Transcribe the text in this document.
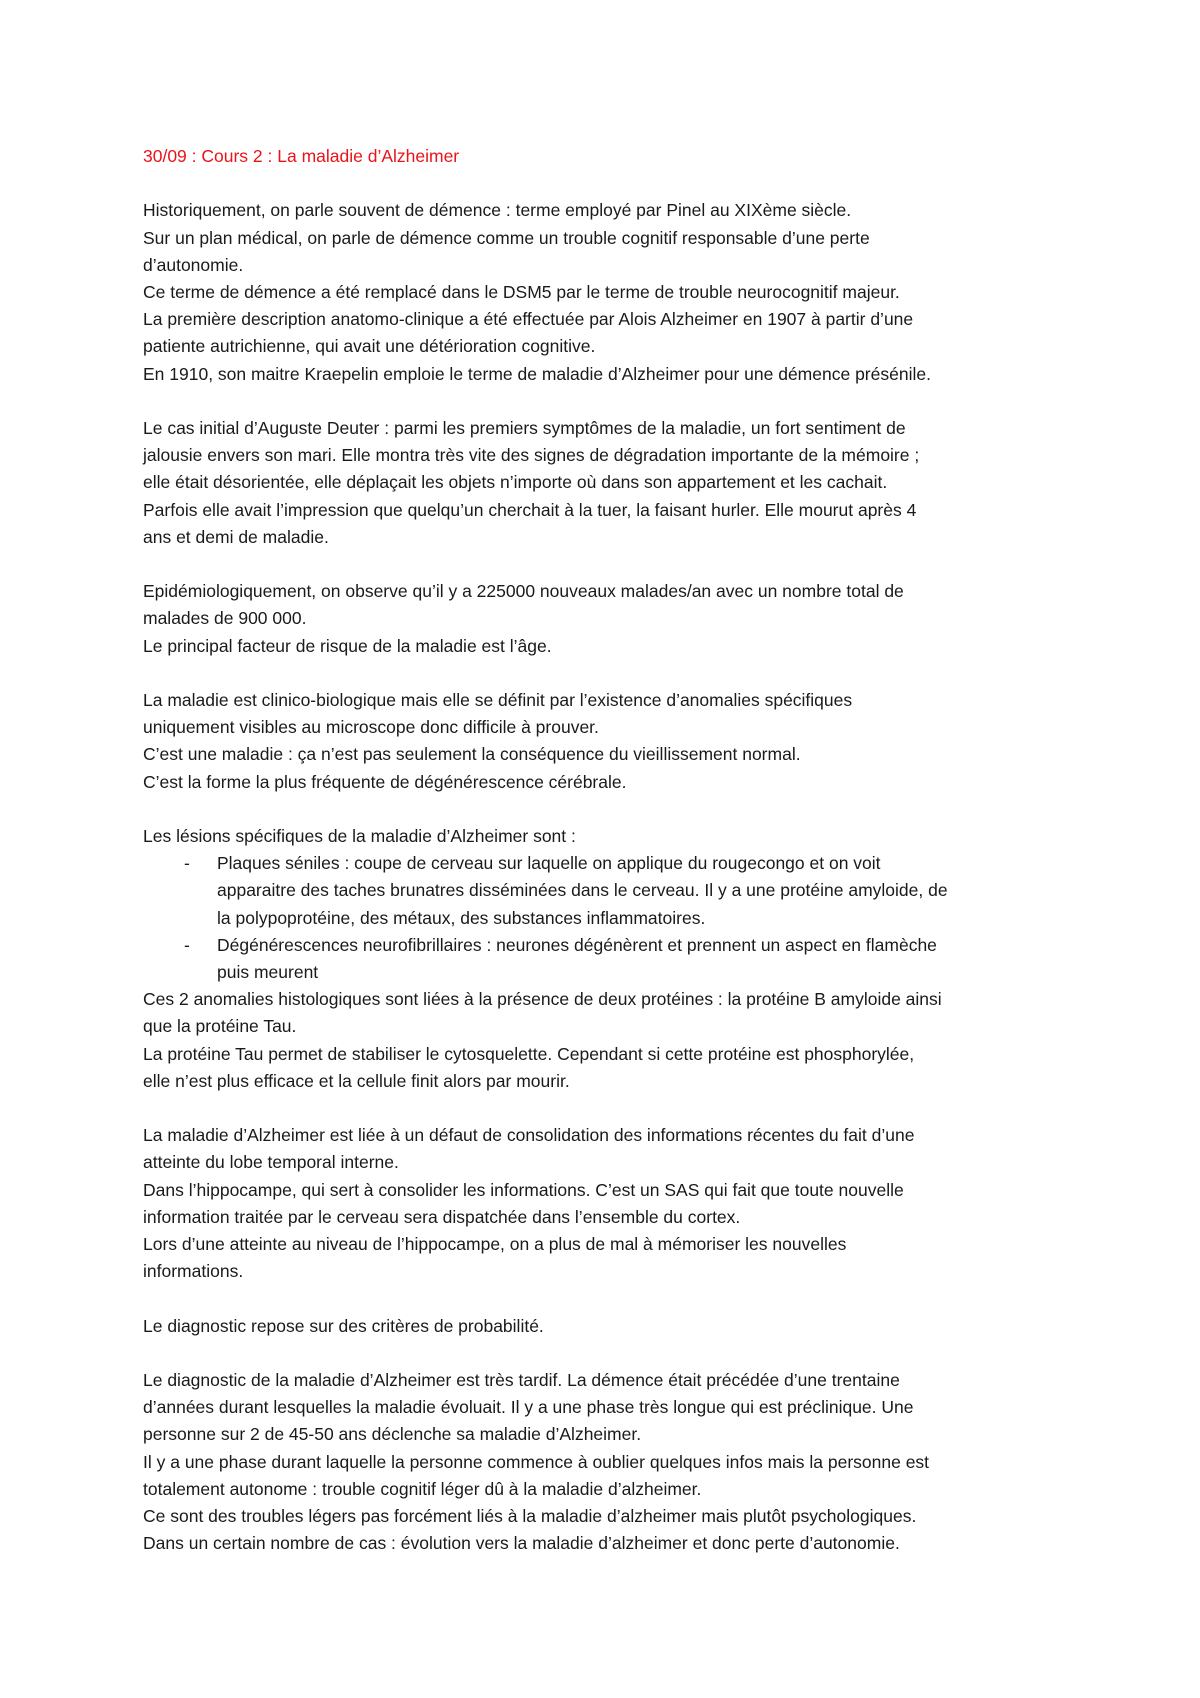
30/09 : Cours 2 : La maladie d’Alzheimer

Historiquement, on parle souvent de démence : terme employé par Pinel au XIXème siècle.
Sur un plan médical, on parle de démence comme un trouble cognitif responsable d’une perte
d’autonomie.
Ce terme de démence a été remplacé dans le DSM5 par le terme de trouble neurocognitif majeur.
La première description anatomo-clinique a été effectuée par Alois Alzheimer en 1907 à partir d’une
patiente autrichienne, qui avait une détérioration cognitive.
En 1910, son maitre Kraepelin emploie le terme de maladie d’Alzheimer pour une démence présénile.
Le cas initial d’Auguste Deuter : parmi les premiers symptômes de la maladie, un fort sentiment de
jalousie envers son mari. Elle montra très vite des signes de dégradation importante de la mémoire ;
elle était désorientée, elle déplaçait les objets n’importe où dans son appartement et les cachait.
Parfois elle avait l’impression que quelqu’un cherchait à la tuer, la faisant hurler. Elle mourut après 4
ans et demi de maladie.
Epidémiologiquement, on observe qu’il y a 225000 nouveaux malades/an avec un nombre total de
malades de 900 000.
Le principal facteur de risque de la maladie est l’âge.
La maladie est clinico-biologique mais elle se définit par l’existence d’anomalies spécifiques
uniquement visibles au microscope donc difficile à prouver.
C’est une maladie : ça n’est pas seulement la conséquence du vieillissement normal.
C’est la forme la plus fréquente de dégénérescence cérébrale.
Les lésions spécifiques de la maladie d’Alzheimer sont :
- Plaques séniles : coupe de cerveau sur laquelle on applique du rougecongo et on voit
apparaitre des taches brunatres disséminées dans le cerveau. Il y a une protéine amyloide, de
la polypoprotéine, des métaux, des substances inflammatoires.
- Dégénérescences neurofibrillaires : neurones dégénèrent et prennent un aspect en flamèche
puis meurent
Ces 2 anomalies histologiques sont liées à la présence de deux protéines : la protéine B amyloide ainsi
que la protéine Tau.
La protéine Tau permet de stabiliser le cytosquelette. Cependant si cette protéine est phosphorylée,
elle n’est plus efficace et la cellule finit alors par mourir.
La maladie d’Alzheimer est liée à un défaut de consolidation des informations récentes du fait d’une
atteinte du lobe temporal interne.
Dans l’hippocampe, qui sert à consolider les informations. C’est un SAS qui fait que toute nouvelle
information traitée par le cerveau sera dispatchée dans l’ensemble du cortex.
Lors d’une atteinte au niveau de l’hippocampe, on a plus de mal à mémoriser les nouvelles
informations.
Le diagnostic repose sur des critères de probabilité.
Le diagnostic de la maladie d’Alzheimer est très tardif. La démence était précédée d’une trentaine
d’années durant lesquelles la maladie évoluait. Il y a une phase très longue qui est préclinique. Une
personne sur 2 de 45-50 ans déclenche sa maladie d’Alzheimer.
Il y a une phase durant laquelle la personne commence à oublier quelques infos mais la personne est
totalement autonome : trouble cognitif léger dû à la maladie d’alzheimer.
Ce sont des troubles légers pas forcément liés à la maladie d’alzheimer mais plutôt psychologiques.
Dans un certain nombre de cas : évolution vers la maladie d’alzheimer et donc perte d’autonomie.
